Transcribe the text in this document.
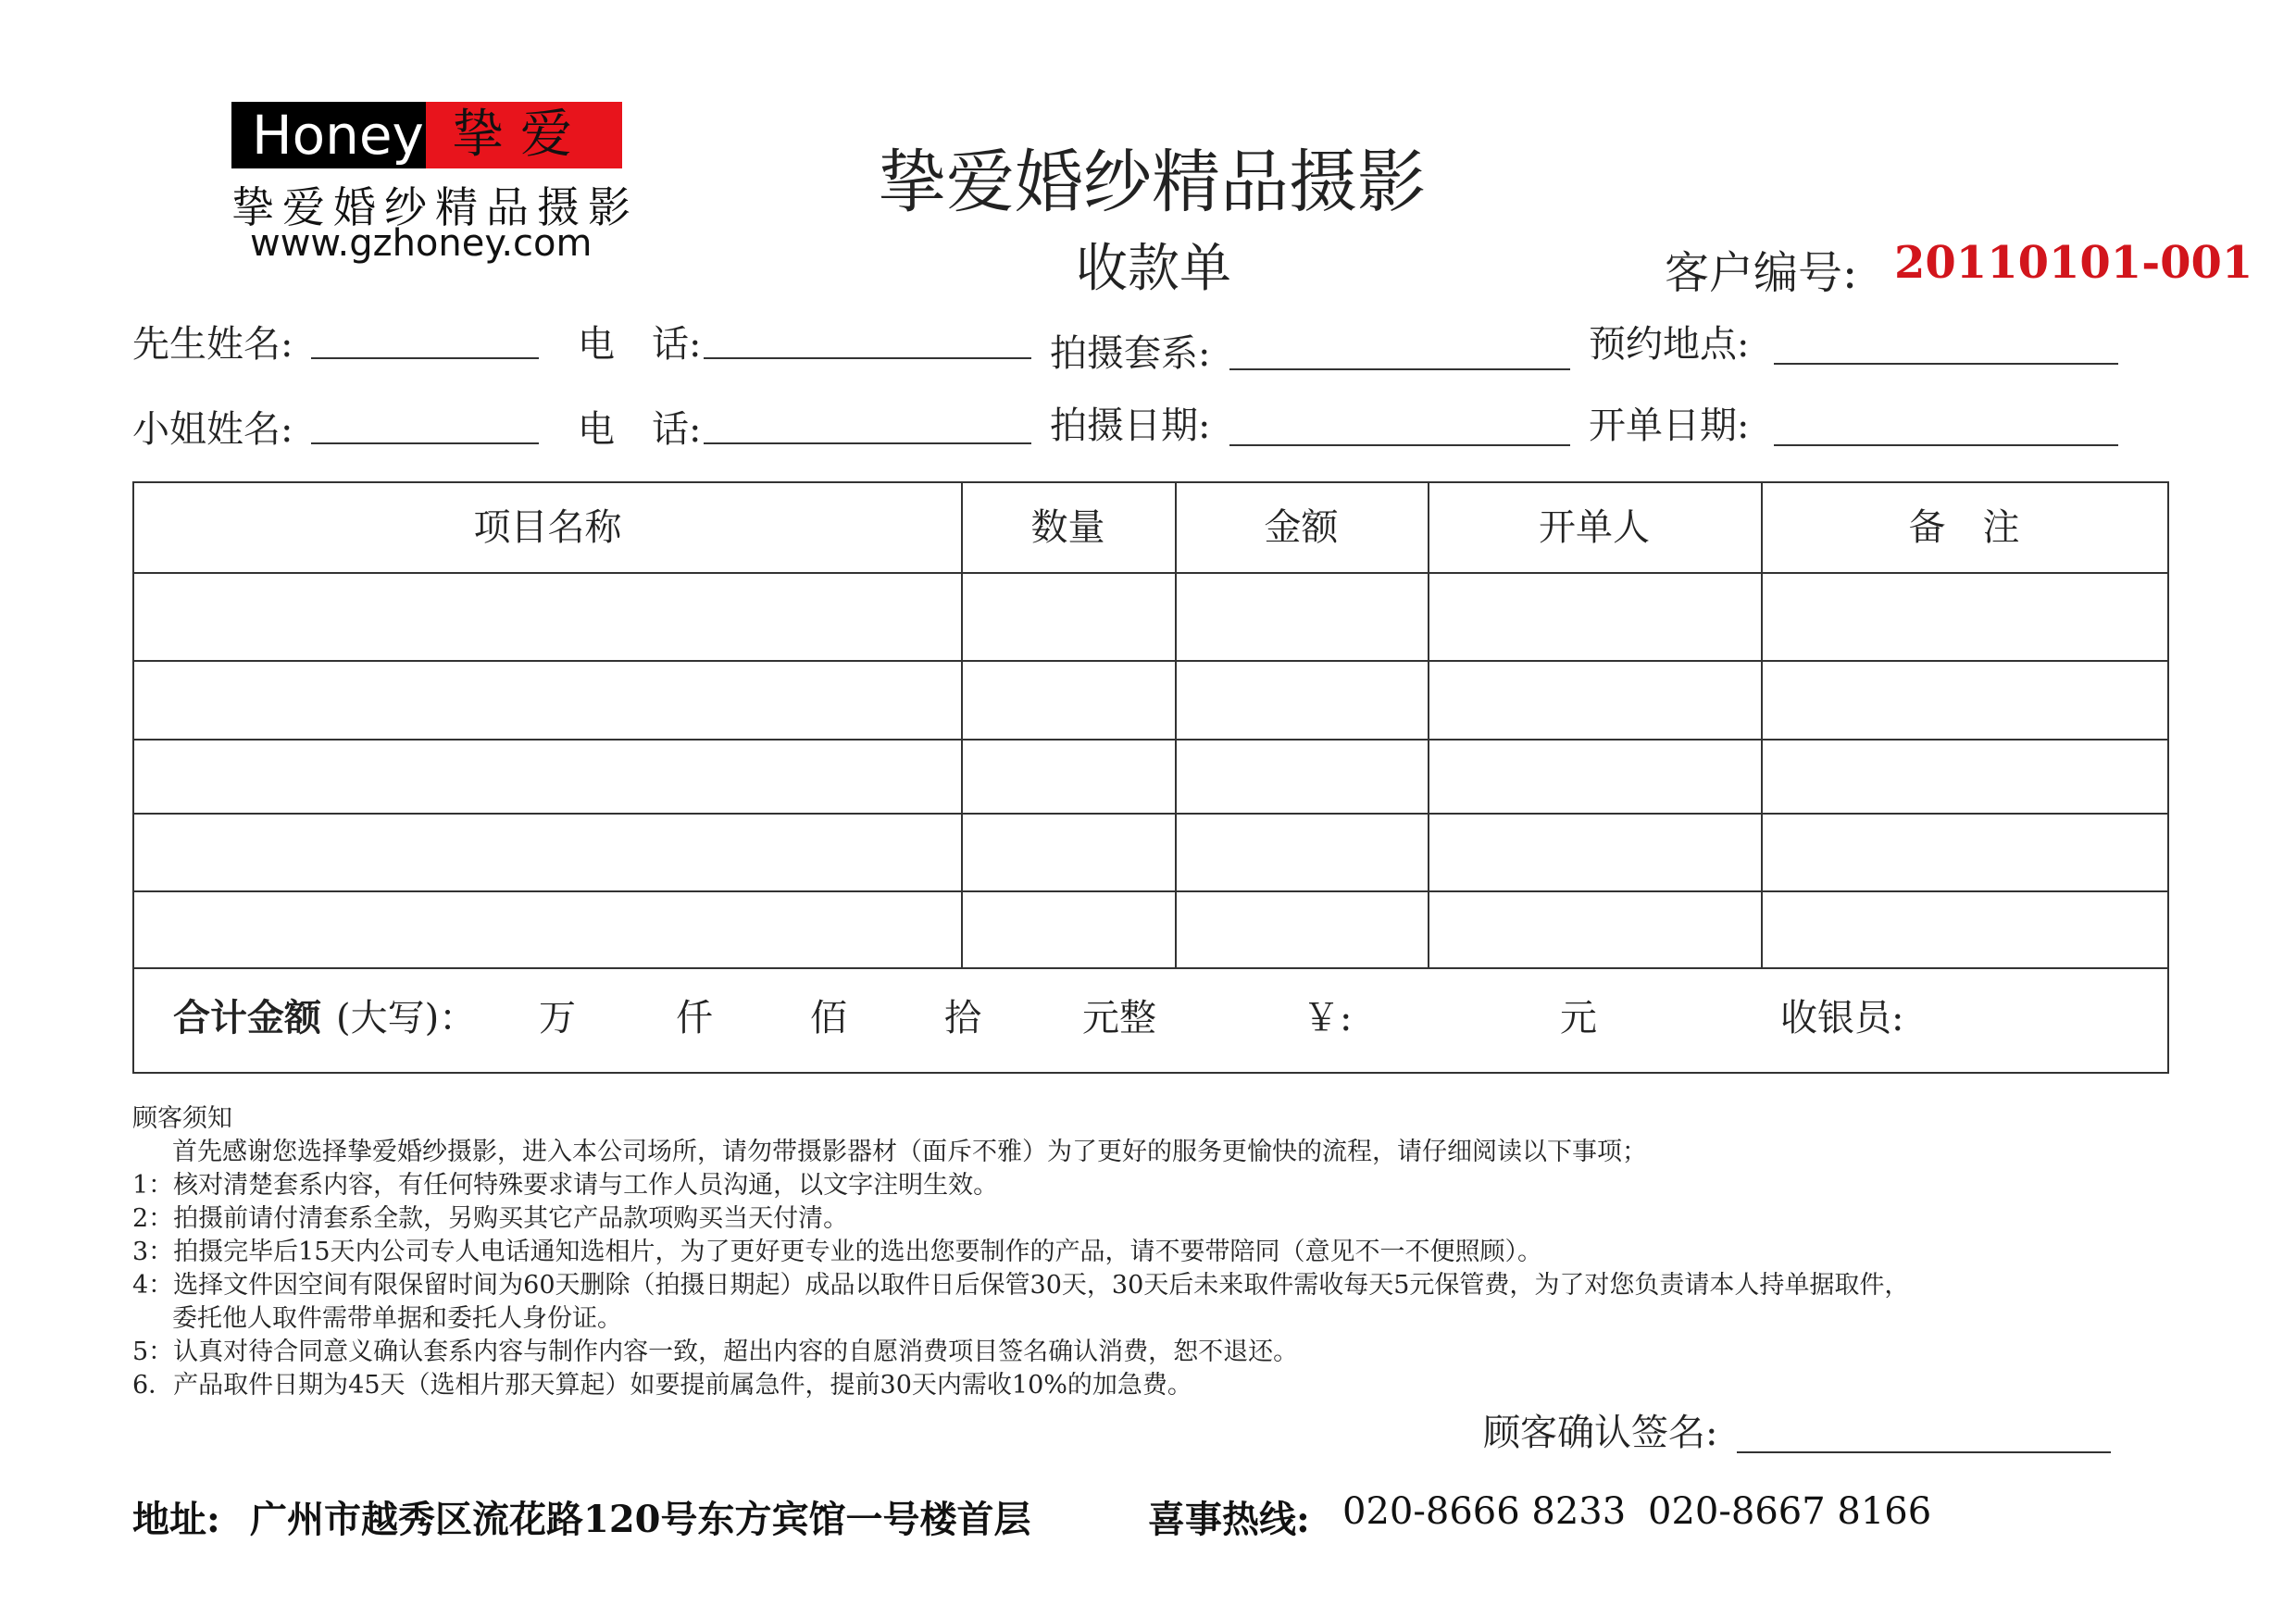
Honey 挚爱
挚爱婚纱精品摄影
www.gzhoney.com
挚爱婚纱精品摄影
收款单	客户编号: 20110101-001
先生姓名:	电　话:	拍摄套系:	预约地点:
小姐姓名:	电　话:	拍摄日期:	开单日期:
项目名称	数量	金额	开单人	备　注
合计金额 (大写)： 万	仟	佰	拾	元整	￥:	元	收银员:
顾客须知
首先感谢您选择挚爱婚纱摄影，进入本公司场所，请勿带摄影器材（面斥不雅）为了更好的服务更愉快的流程，请仔细阅读以下事项；
1：核对清楚套系内容，有任何特殊要求请与工作人员沟通，以文字注明生效。
2：拍摄前请付清套系全款，另购买其它产品款项购买当天付清。
3：拍摄完毕后15天内公司专人电话通知选相片，为了更好更专业的选出您要制作的产品，请不要带陪同（意见不一不便照顾）。
4：选择文件因空间有限保留时间为60天删除（拍摄日期起）成品以取件日后保管30天，30天后未来取件需收每天5元保管费，为了对您负责请本人持单据取件，
委托他人取件需带单据和委托人身份证。
5：认真对待合同意义确认套系内容与制作内容一致，超出内容的自愿消费项目签名确认消费，恕不退还。
6．产品取件日期为45天（选相片那天算起）如要提前属急件，提前30天内需收10%的加急费。
顾客确认签名:
地址: 广州市越秀区流花路120号东方宾馆一号楼首层	喜事热线: 020-8666 8233 020-8667 8166
